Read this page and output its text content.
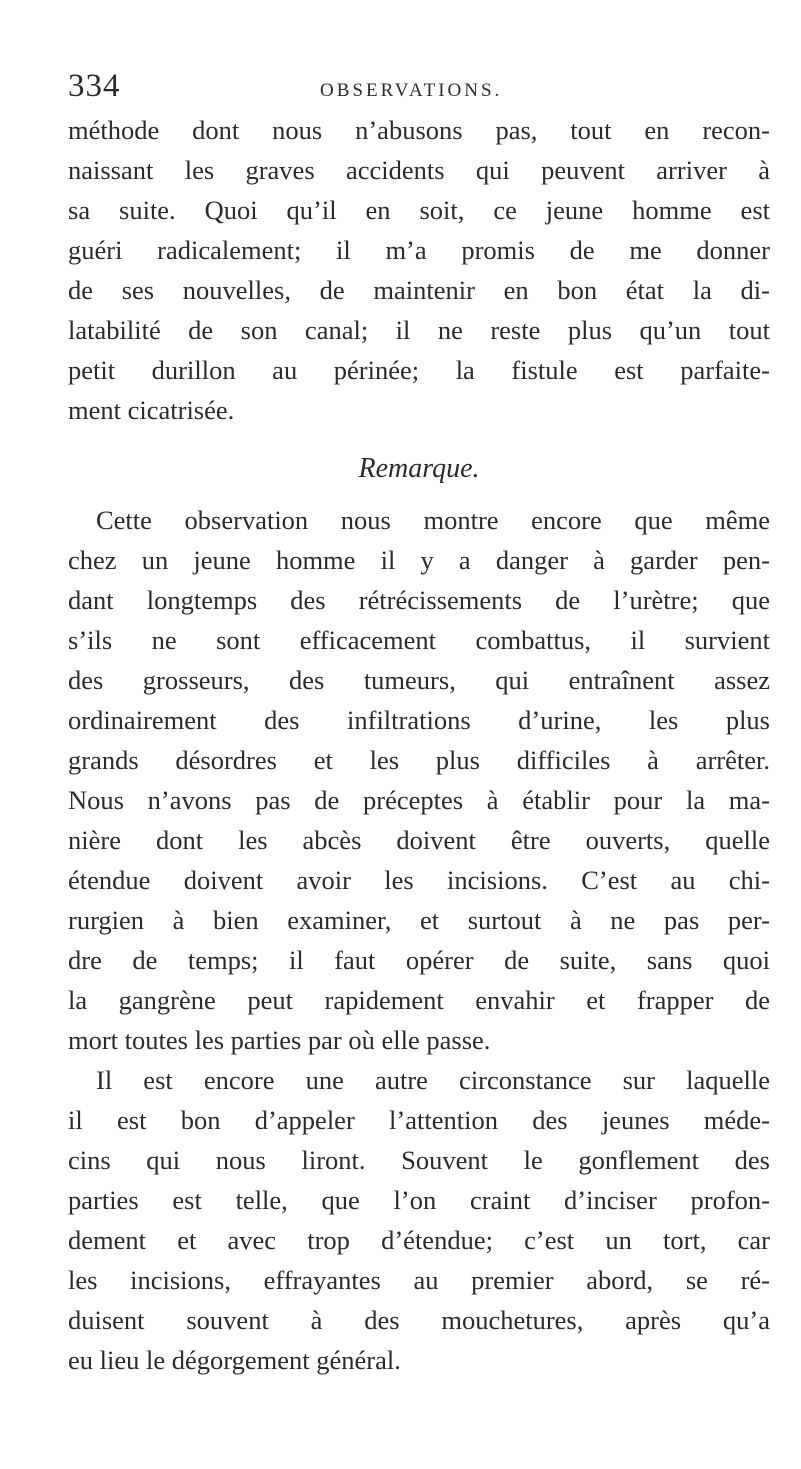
334	OBSERVATIONS.
méthode dont nous n’abusons pas, tout en recon-
naissant les graves accidents qui peuvent arriver à
sa suite. Quoi qu’il en soit, ce jeune homme est
guéri radicalement; il m’a promis de me donner
de ses nouvelles, de maintenir en bon état la di-
latabilité de son canal; il ne reste plus qu’un tout
petit durillon au périnée; la fistule est parfaite-
ment cicatrisée.
Remarque.
Cette observation nous montre encore que même
chez un jeune homme il y a danger à garder pen-
dant longtemps des rétrécissements de l’urètre; que
s’ils ne sont efficacement combattus, il survient
des grosseurs, des tumeurs, qui entraînent assez
ordinairement des infiltrations d’urine, les plus
grands désordres et les plus difficiles à arrêter.
Nous n’avons pas de préceptes à établir pour la ma-
nière dont les abcès doivent être ouverts, quelle
étendue doivent avoir les incisions. C’est au chi-
rurgien à bien examiner, et surtout à ne pas per-
dre de temps; il faut opérer de suite, sans quoi
la gangrène peut rapidement envahir et frapper de
mort toutes les parties par où elle passe.
Il est encore une autre circonstance sur laquelle
il est bon d’appeler l’attention des jeunes méde-
cins qui nous liront. Souvent le gonflement des
parties est telle, que l’on craint d’inciser profon-
dement et avec trop d’étendue; c’est un tort, car
les incisions, effrayantes au premier abord, se ré-
duisent souvent à des mouchetures, après qu’a
eu lieu le dégorgement général.
